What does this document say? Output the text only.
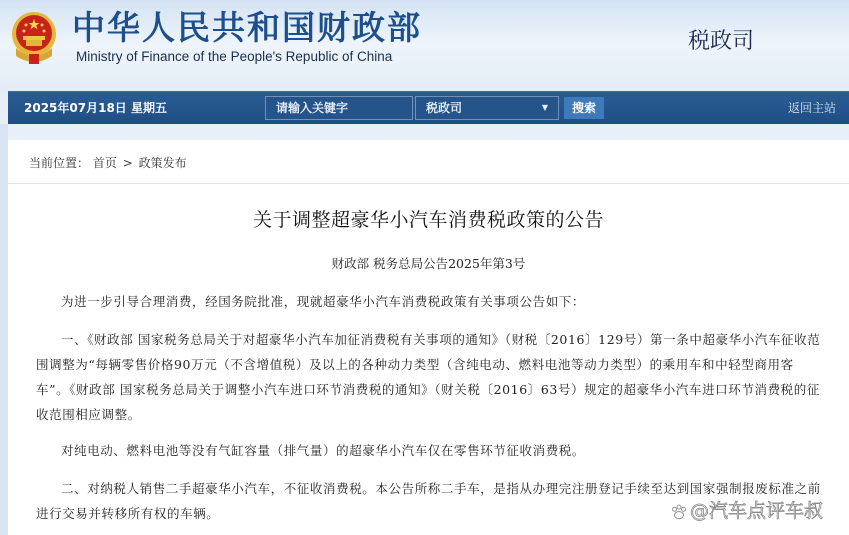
中华人民共和国财政部
Ministry of Finance of the People's Republic of China
税政司
2025年07月18日 星期五
请输入关键字	税政司	▼	搜索	返回主站
当前位置： 首页 > 政策发布
关于调整超豪华小汽车消费税政策的公告
财政部 税务总局公告2025年第3号

为进一步引导合理消费，经国务院批准，现就超豪华小汽车消费税政策有关事项公告如下：

一、《财政部 国家税务总局关于对超豪华小汽车加征消费税有关事项的通知》（财税〔2016〕129号）第一条中超豪华小汽车征收范围调整为“每辆零售价格90万元（不含增值税）及以上的各种动力类型（含纯电动、燃料电池等动力类型）的乘用车和中轻型商用客车”。《财政部 国家税务总局关于调整小汽车进口环节消费税的通知》（财关税〔2016〕63号）规定的超豪华小汽车进口环节消费税的征收范围相应调整。

对纯电动、燃料电池等没有气缸容量（排气量）的超豪华小汽车仅在零售环节征收消费税。

二、对纳税人销售二手超豪华小汽车，不征收消费税。本公告所称二手车，是指从办理完注册登记手续至达到国家强制报废标准之前进行交易并转移所有权的车辆。	@汽车点评车叔
